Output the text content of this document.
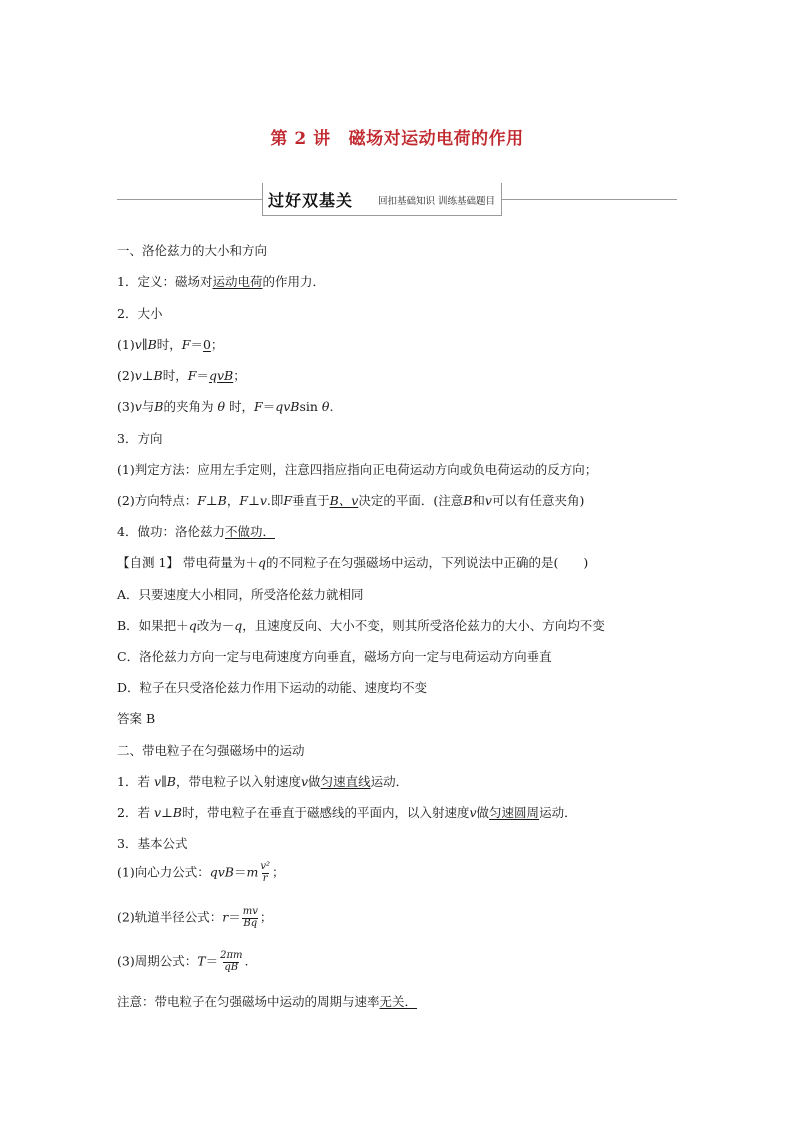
第 2 讲 磁场对运动电荷的作用
过好双基关	回扣基础知识 训练基础题目
一、洛伦兹力的大小和方向
1．定义：磁场对运动电荷的作用力．
2．大小
(1)v∥B时，F＝0；
(2)v⊥B时，F＝qvB；
(3)v与B的夹角为 θ 时，F＝qvBsin θ.
3．方向
(1)判定方法：应用左手定则，注意四指应指向正电荷运动方向或负电荷运动的反方向；
(2)方向特点：F⊥B，F⊥v.即F垂直于B、v决定的平面．(注意B和v可以有任意夹角)
4．做功：洛伦兹力不做功．
【自测 1】 带电荷量为＋q的不同粒子在匀强磁场中运动，下列说法中正确的是(　　)
A．只要速度大小相同，所受洛伦兹力就相同
B．如果把＋q改为－q，且速度反向、大小不变，则其所受洛伦兹力的大小、方向均不变
C．洛伦兹力方向一定与电荷速度方向垂直，磁场方向一定与电荷运动方向垂直
D．粒子在只受洛伦兹力作用下运动的动能、速度均不变
答案 B
二、带电粒子在匀强磁场中的运动
1．若 v∥B，带电粒子以入射速度v做匀速直线运动．
2．若 v⊥B时，带电粒子在垂直于磁感线的平面内，以入射速度v做匀速圆周运动．
3．基本公式
(1)向心力公式：$qvB=m \frac{\text{v²}}{r}$ ；
(2)轨道半径公式：$r= \frac{mv}{Bq}$ ；
(3)周期公式：$T= \frac{2\pi m}{qB}$ .
注意：带电粒子在匀强磁场中运动的周期与速率无关．
